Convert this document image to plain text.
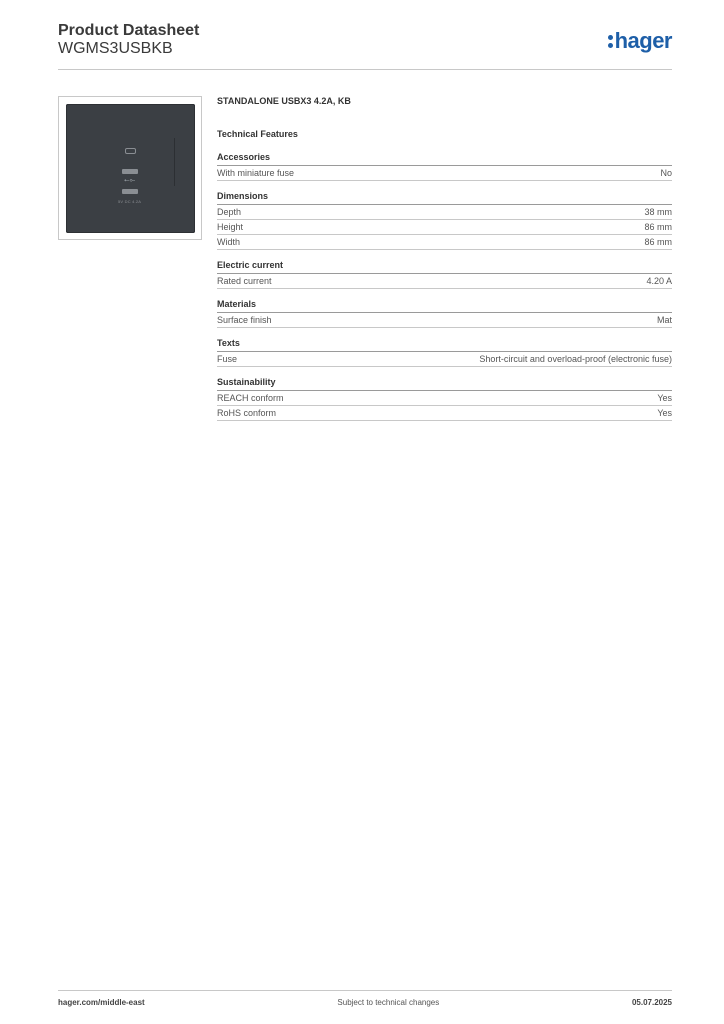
Product Datasheet
WGMS3USBKB	hager
⭠⟜
5V DC 4.2A
STANDALONE USBX3 4.2A, KB
Technical Features
Accessories
With miniature fuse	No
Dimensions
Depth	38 mm
Height	86 mm
Width	86 mm
Electric current
Rated current	4.20 A
Materials
Surface finish	Mat
Texts
Fuse	Short-circuit and overload-proof (electronic fuse)
Sustainability
REACH conform	Yes
RoHS conform	Yes
hager.com/middle-east	Subject to technical changes	05.07.2025
